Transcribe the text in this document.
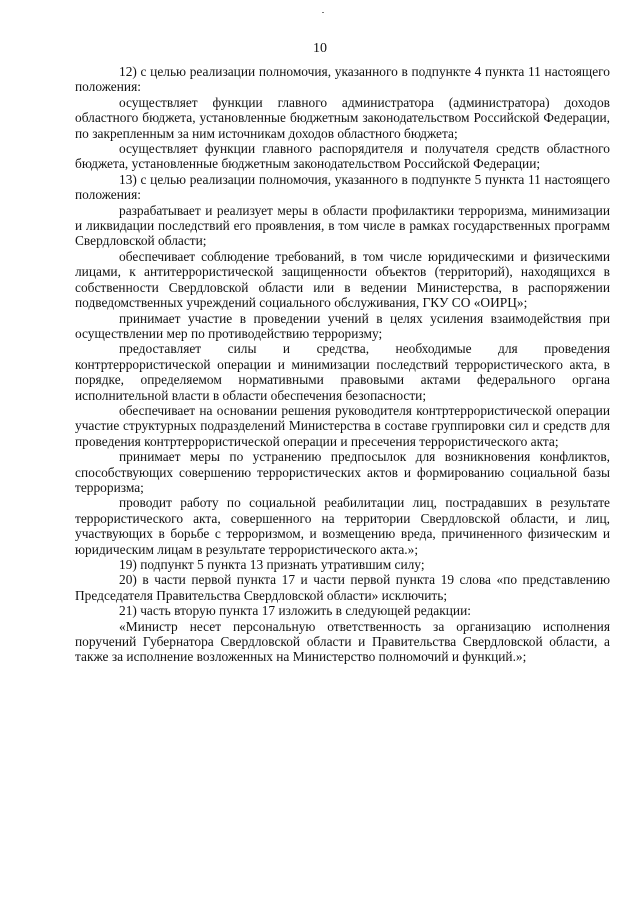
10

12) с целью реализации полномочия, указанного в подпункте 4 пункта 11 настоящего положения:

осуществляет функции главного администратора (администратора) доходов областного бюджета, установленные бюджетным законодательством Российской Федерации, по закрепленным за ним источникам доходов областного бюджета;

осуществляет функции главного распорядителя и получателя средств областного бюджета, установленные бюджетным законодательством Российской Федерации;

13) с целью реализации полномочия, указанного в подпункте 5 пункта 11 настоящего положения:

разрабатывает и реализует меры в области профилактики терроризма, минимизации и ликвидации последствий его проявления, в том числе в рамках государственных программ Свердловской области;

обеспечивает соблюдение требований, в том числе юридическими и физическими лицами, к антитеррористической защищенности объектов (территорий), находящихся в собственности Свердловской области или в ведении Министерства, в распоряжении подведомственных учреждений социального обслуживания, ГКУ СО «ОИРЦ»;

принимает участие в проведении учений в целях усиления взаимодействия при осуществлении мер по противодействию терроризму;

предоставляет силы и средства, необходимые для проведения контртеррористической операции и минимизации последствий террористического акта, в порядке, определяемом нормативными правовыми актами федерального органа исполнительной власти в области обеспечения безопасности;

обеспечивает на основании решения руководителя контртеррористической операции участие структурных подразделений Министерства в составе группировки сил и средств для проведения контртеррористической операции и пресечения террористического акта;

принимает меры по устранению предпосылок для возникновения конфликтов, способствующих совершению террористических актов и формированию социальной базы терроризма;

проводит работу по социальной реабилитации лиц, пострадавших в результате террористического акта, совершенного на территории Свердловской области, и лиц, участвующих в борьбе с терроризмом, и возмещению вреда, причиненного физическим и юридическим лицам в результате террористического акта.»;

19) подпункт 5 пункта 13 признать утратившим силу;

20) в части первой пункта 17 и части первой пункта 19 слова «по представлению Председателя Правительства Свердловской области» исключить;

21) часть вторую пункта 17 изложить в следующей редакции:

«Министр несет персональную ответственность за организацию исполнения поручений Губернатора Свердловской области и Правительства Свердловской области, а также за исполнение возложенных на Министерство полномочий и функций.»;
